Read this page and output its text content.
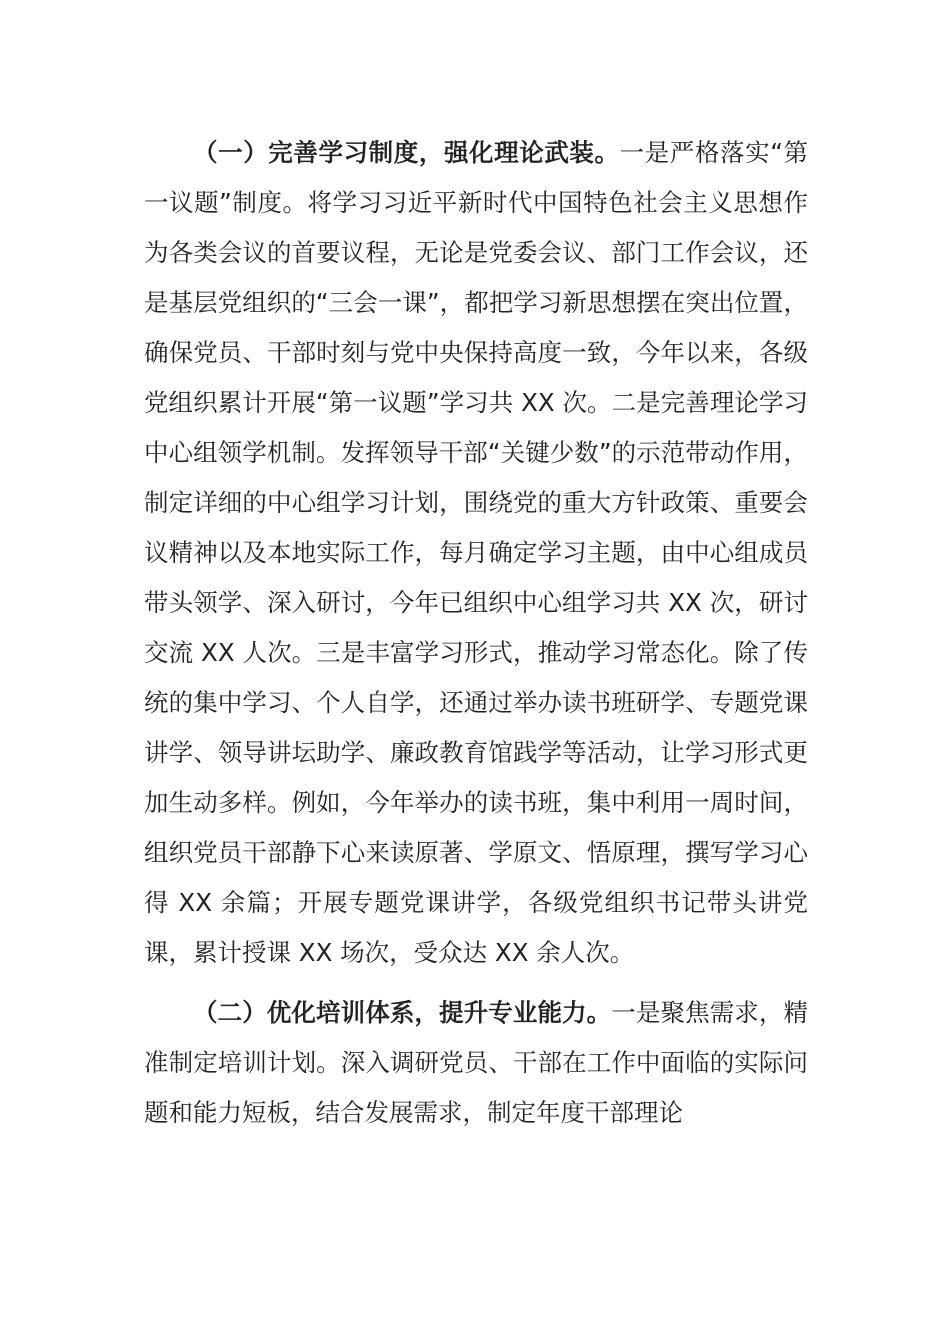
（一）完善学习制度，强化理论武装。一是严格落实“第一议题”制度。将学习习近平新时代中国特色社会主义思想作为各类会议的首要议程，无论是党委会议、部门工作会议，还是基层党组织的“三会一课”，都把学习新思想摆在突出位置，确保党员、干部时刻与党中央保持高度一致，今年以来，各级党组织累计开展“第一议题”学习共 XX 次。二是完善理论学习中心组领学机制。发挥领导干部“关键少数”的示范带动作用，制定详细的中心组学习计划，围绕党的重大方针政策、重要会议精神以及本地实际工作，每月确定学习主题，由中心组成员带头领学、深入研讨，今年已组织中心组学习共 XX 次，研讨交流 XX 人次。三是丰富学习形式，推动学习常态化。除了传统的集中学习、个人自学，还通过举办读书班研学、专题党课讲学、领导讲坛助学、廉政教育馆践学等活动，让学习形式更加生动多样。例如，今年举办的读书班，集中利用一周时间，组织党员干部静下心来读原著、学原文、悟原理，撰写学习心得 XX 余篇；开展专题党课讲学，各级党组织书记带头讲党课，累计授课 XX 场次，受众达 XX 余人次。

（二）优化培训体系，提升专业能力。一是聚焦需求，精准制定培训计划。深入调研党员、干部在工作中面临的实际问题和能力短板，结合发展需求，制定年度干部理论
